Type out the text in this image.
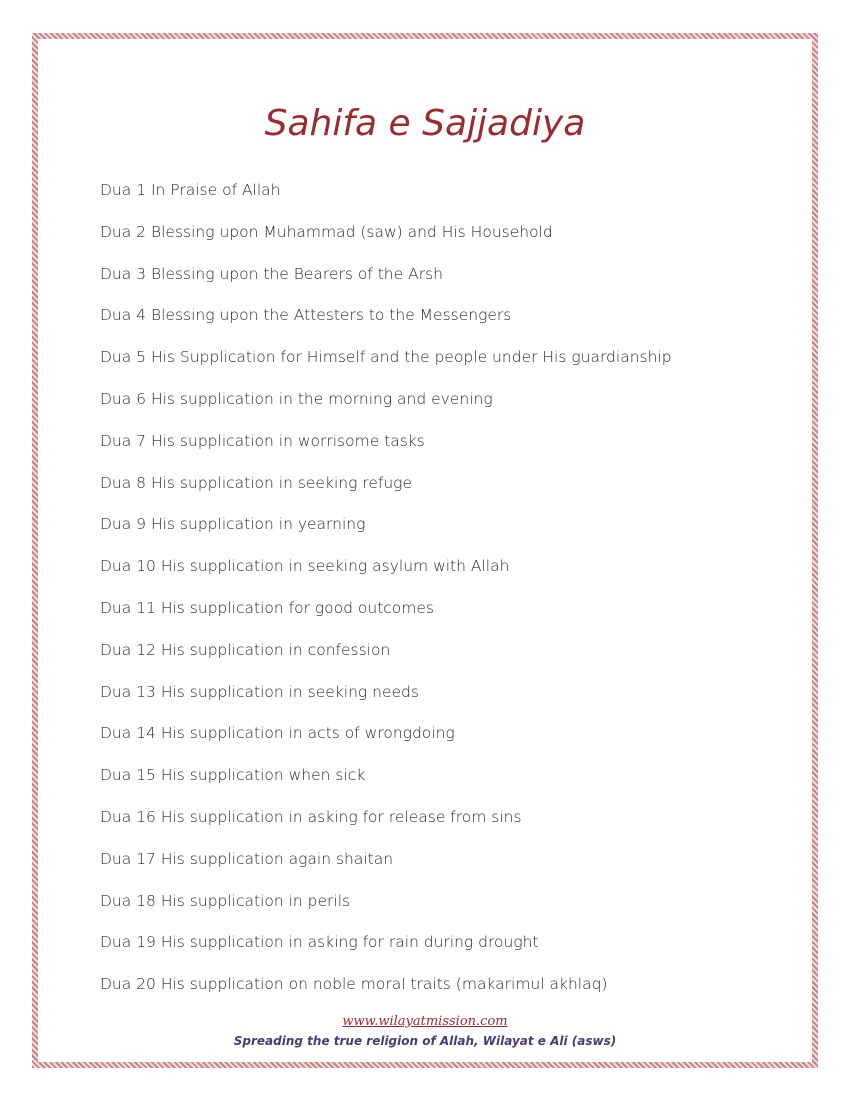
Sahifa e Sajjadiya
Dua 1 In Praise of Allah
Dua 2 Blessing upon Muhammad (saw) and His Household
Dua 3 Blessing upon the Bearers of the Arsh
Dua 4 Blessing upon the Attesters to the Messengers
Dua 5 His Supplication for Himself and the people under His guardianship
Dua 6 His supplication in the morning and evening
Dua 7 His supplication in worrisome tasks
Dua 8 His supplication in seeking refuge
Dua 9 His supplication in yearning
Dua 10 His supplication in seeking asylum with Allah
Dua 11 His supplication for good outcomes
Dua 12 His supplication in confession
Dua 13 His supplication in seeking needs
Dua 14 His supplication in acts of wrongdoing
Dua 15 His supplication when sick
Dua 16 His supplication in asking for release from sins
Dua 17 His supplication again shaitan
Dua 18 His supplication in perils
Dua 19 His supplication in asking for rain during drought
Dua 20 His supplication on noble moral traits (makarimul akhlaq)
www.wilayatmission.com
Spreading the true religion of Allah, Wilayat e Ali (asws)
